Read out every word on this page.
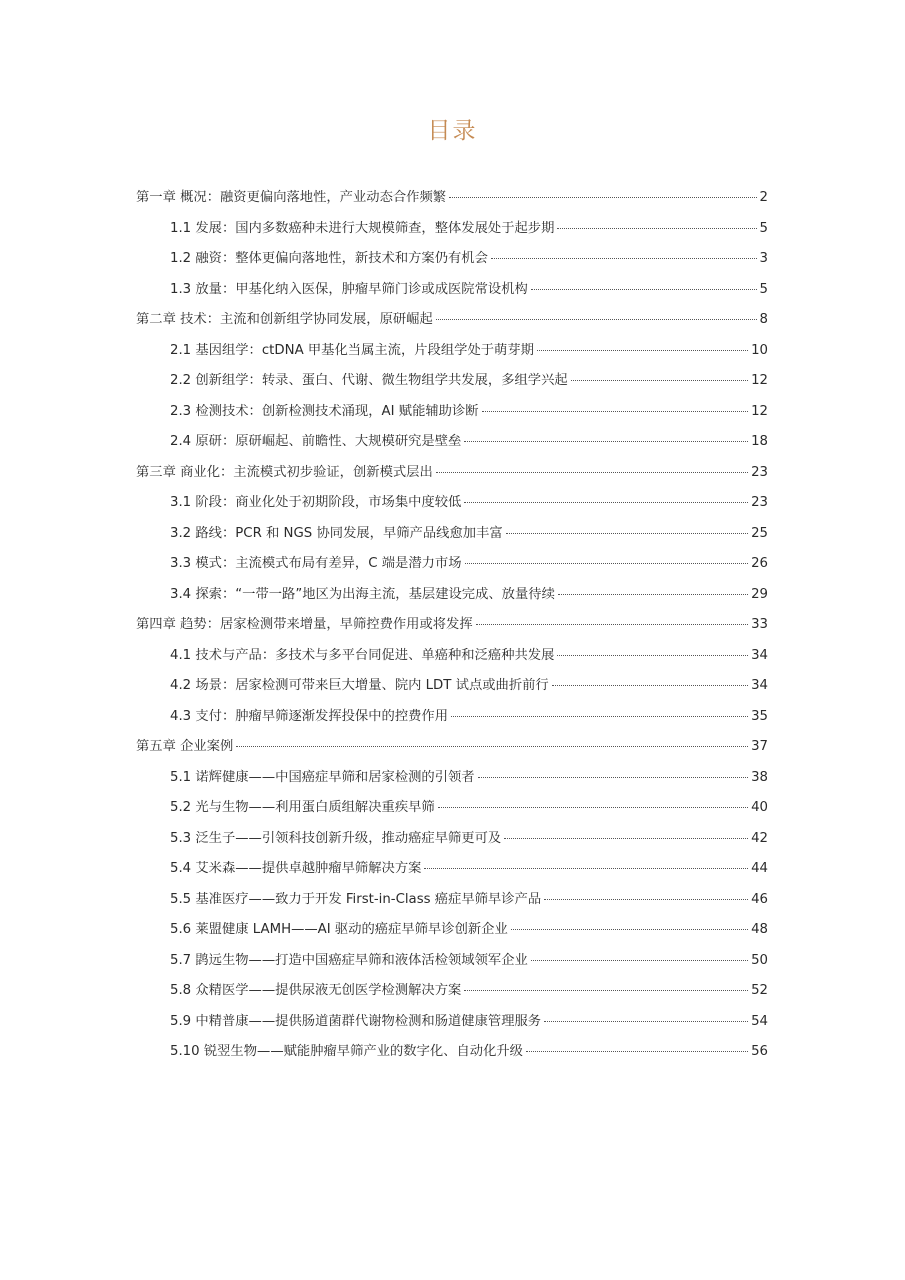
目录
第一章 概况：融资更偏向落地性，产业动态合作频繁	2
1.1 发展：国内多数癌种未进行大规模筛查，整体发展处于起步期	5
1.2 融资：整体更偏向落地性，新技术和方案仍有机会	3
1.3 放量：甲基化纳入医保，肿瘤早筛门诊或成医院常设机构	5
第二章 技术：主流和创新组学协同发展，原研崛起	8
2.1 基因组学：ctDNA 甲基化当属主流，片段组学处于萌芽期	10
2.2 创新组学：转录、蛋白、代谢、微生物组学共发展，多组学兴起	12
2.3 检测技术：创新检测技术涌现，AI 赋能辅助诊断	12
2.4 原研：原研崛起、前瞻性、大规模研究是壁垒	18
第三章 商业化：主流模式初步验证，创新模式层出	23
3.1 阶段：商业化处于初期阶段，市场集中度较低	23
3.2 路线：PCR 和 NGS 协同发展，早筛产品线愈加丰富	25
3.3 模式：主流模式布局有差异，C 端是潜力市场	26
3.4 探索：“一带一路”地区为出海主流，基层建设完成、放量待续	29
第四章 趋势：居家检测带来增量，早筛控费作用或将发挥	33
4.1 技术与产品：多技术与多平台同促进、单癌种和泛癌种共发展	34
4.2 场景：居家检测可带来巨大增量、院内 LDT 试点或曲折前行	34
4.3 支付：肿瘤早筛逐渐发挥投保中的控费作用	35
第五章 企业案例	37
5.1 诺辉健康——中国癌症早筛和居家检测的引领者	38
5.2 光与生物——利用蛋白质组解决重疾早筛	40
5.3 泛生子——引领科技创新升级，推动癌症早筛更可及	42
5.4 艾米森——提供卓越肿瘤早筛解决方案	44
5.5 基准医疗——致力于开发 First-in-Class 癌症早筛早诊产品	46
5.6 莱盟健康 LAMH——AI 驱动的癌症早筛早诊创新企业	48
5.7 鹍远生物——打造中国癌症早筛和液体活检领域领军企业	50
5.8 众精医学——提供尿液无创医学检测解决方案	52
5.9 中精普康——提供肠道菌群代谢物检测和肠道健康管理服务	54
5.10 锐翌生物——赋能肿瘤早筛产业的数字化、自动化升级	56
